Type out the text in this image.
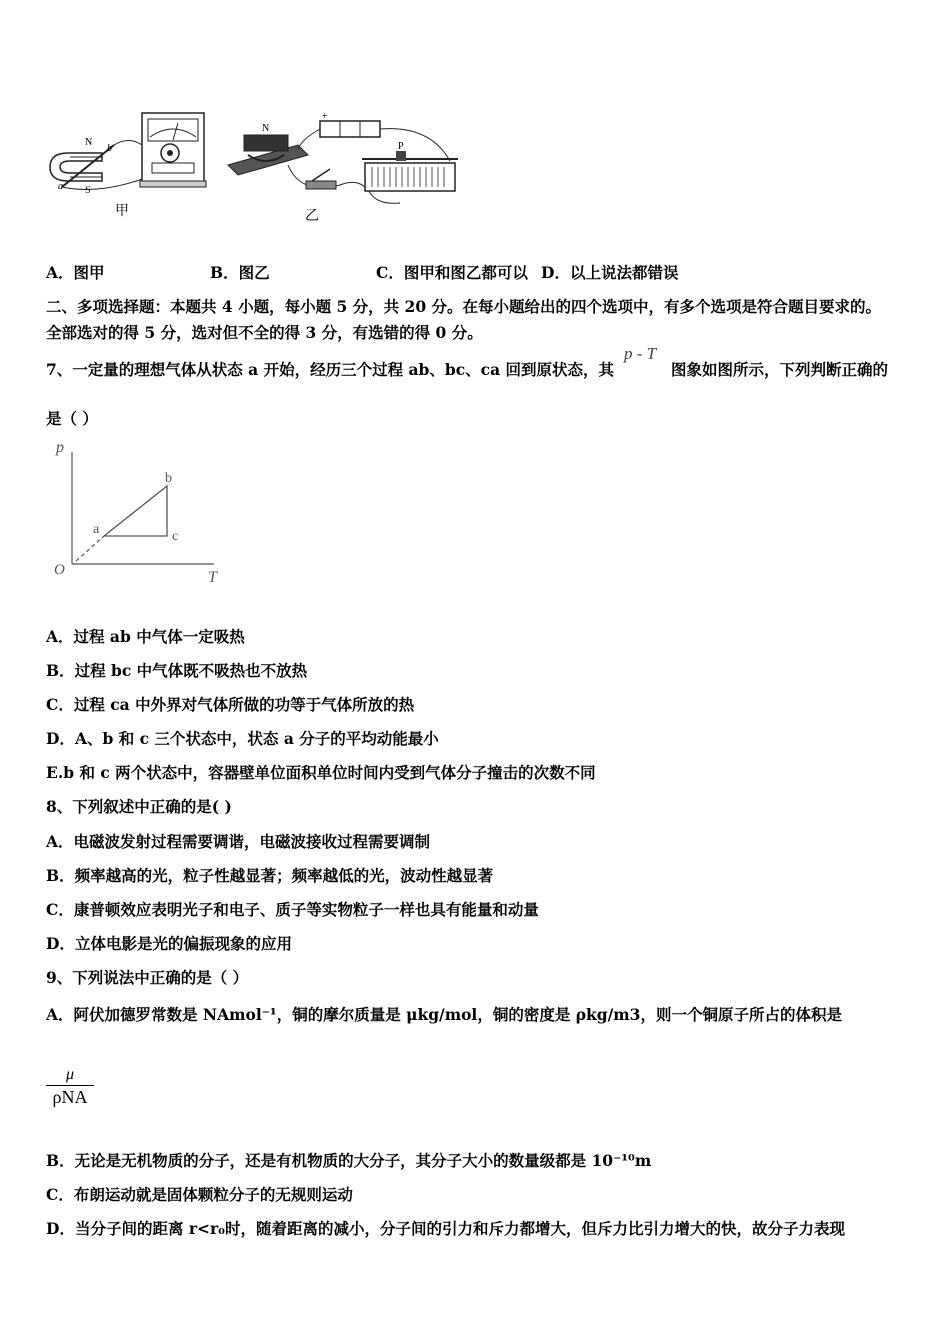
N
S
a
b
甲
N
+
乙
P
A．图甲	B．图乙	C．图甲和图乙都可以 D．以上说法都错误
二、多项选择题：本题共 4 小题，每小题 5 分，共 20 分。在每小题给出的四个选项中，有多个选项是符合题目要求的。
全部选对的得 5 分，选对但不全的得 3 分，有选错的得 0 分。
7、一定量的理想气体从状态 a 开始，经历三个过程 ab、bc、ca 回到原状态，其
p - T
图象如图所示，下列判断正确的
是（ ）
p
T
O
a
b
c
A．过程 ab 中气体一定吸热
B．过程 bc 中气体既不吸热也不放热
C．过程 ca 中外界对气体所做的功等于气体所放的热
D．A、b 和 c 三个状态中，状态 a 分子的平均动能最小
E.b 和 c 两个状态中，容器壁单位面积单位时间内受到气体分子撞击的次数不同
8、下列叙述中正确的是( )
A．电磁波发射过程需要调谐，电磁波接收过程需要调制
B．频率越高的光，粒子性越显著；频率越低的光，波动性越显著
C．康普顿效应表明光子和电子、质子等实物粒子一样也具有能量和动量
D．立体电影是光的偏振现象的应用
9、下列说法中正确的是（ ）
A．阿伏加德罗常数是 NAmol⁻¹，铜的摩尔质量是 μkg/mol，铜的密度是 ρkg/m3，则一个铜原子所占的体积是
μ
ρNA
B．无论是无机物质的分子，还是有机物质的大分子，其分子大小的数量级都是 10⁻¹⁰m
C．布朗运动就是固体颗粒分子的无规则运动
D．当分子间的距离 r<r₀时，随着距离的减小，分子间的引力和斥力都增大，但斥力比引力增大的快，故分子力表现
